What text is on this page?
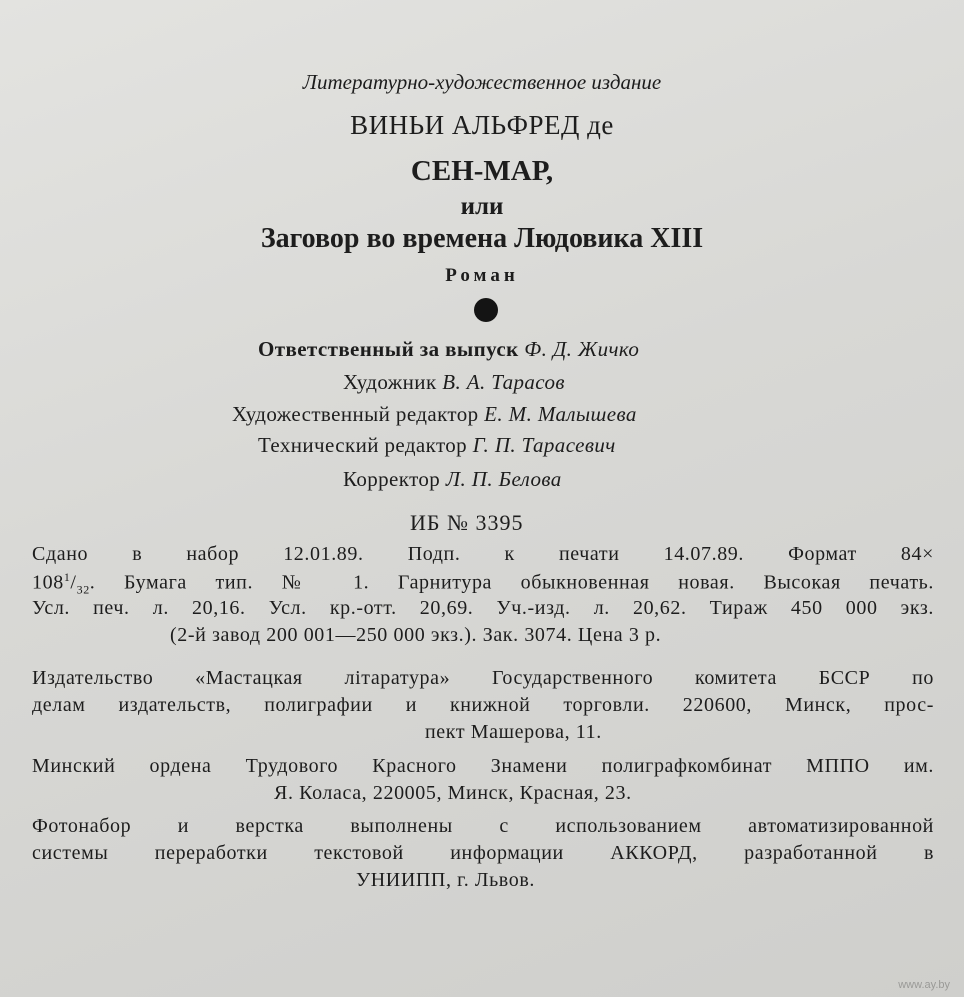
Литературно-художественное издание
ВИНЬИ АЛЬФРЕД де
СЕН-МАР,
или
Заговор во времена Людовика XIII
Роман
Ответственный за выпуск Ф. Д. Жичко
Художник В. А. Тарасов
Художественный редактор Е. М. Малышева
Технический редактор Г. П. Тарасевич
Корректор Л. П. Белова
ИБ № 3395
Сдано в набор 12.01.89. Подп. к печати 14.07.89. Формат 84×
$108^1/_{32}$. Бумага тип. № 1. Гарнитура обыкновенная новая. Высокая печать.
Усл. печ. л. 20,16. Усл. кр.-отт. 20,69. Уч.-изд. л. 20,62. Тираж 450 000 экз.
(2-й завод 200 001—250 000 экз.). Зак. 3074. Цена 3 р.
Издательство «Мастацкая літаратура» Государственного комитета БССР по
делам издательств, полиграфии и книжной торговли. 220600, Минск, прос-
пект Машерова, 11.
Минский ордена Трудового Красного Знамени полиграфкомбинат МППО им.
Я. Коласа, 220005, Минск, Красная, 23.
Фотонабор и верстка выполнены с использованием автоматизированной
системы переработки текстовой информации АККОРД, разработанной в
УНИИПП, г. Львов.
www.ay.by
